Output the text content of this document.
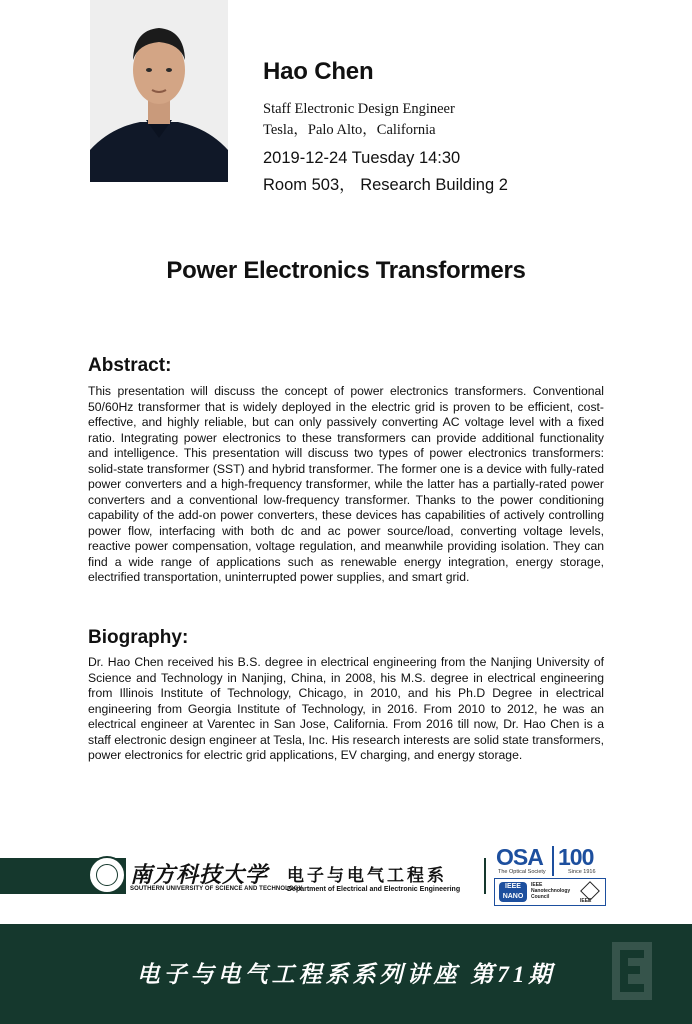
Hao Chen
Staff Electronic Design Engineer
Tesla，Palo Alto，California
2019-12-24 Tuesday 14:30
Room 503， Research Building 2
Power Electronics Transformers
Abstract:
This presentation will discuss the concept of power electronics transformers. Conventional 50/60Hz transformer that is widely deployed in the electric grid is proven to be efficient, cost-effective, and highly reliable, but can only passively converting AC voltage level with a fixed ratio. Integrating power electronics to these transformers can provide additional functionality and intelligence. This presentation will discuss two types of power electronics transformers: solid-state transformer (SST) and hybrid transformer. The former one is a device with fully-rated power converters and a high-frequency transformer, while the latter has a partially-rated power converters and a conventional low-frequency transformer. Thanks to the power conditioning capability of the add-on power converters, these devices has capabilities of actively controlling power flow, interfacing with both dc and ac power source/load, converting voltage levels, reactive power compensation, voltage regulation, and meanwhile providing isolation. They can find a wide range of applications such as renewable energy integration, energy storage, electrified transportation, uninterrupted power supplies, and smart grid.
Biography:
Dr. Hao Chen received his B.S. degree in electrical engineering from the Nanjing University of Science and Technology in Nanjing, China, in 2008, his M.S. degree in electrical engineering from Illinois Institute of Technology, Chicago, in 2010, and his Ph.D Degree in electrical engineering from Georgia Institute of Technology, in 2016. From 2010 to 2012, he was an electrical engineer at Varentec in San Jose, California. From 2016 till now, Dr. Hao Chen is a staff electronic design engineer at Tesla, Inc. His research interests are solid state transformers, power electronics for electric grid applications, EV charging, and energy storage.
南方科技大学
SOUTHERN UNIVERSITY OF SCIENCE AND TECHNOLOGY
电子与电气工程系
Department of Electrical and Electronic Engineering
OSA
The Optical Society
100
Since 1916
IEEE
NANO
IEEE Nanotechnology Council
IEEE
电子与电气工程系系列讲座 第71期
